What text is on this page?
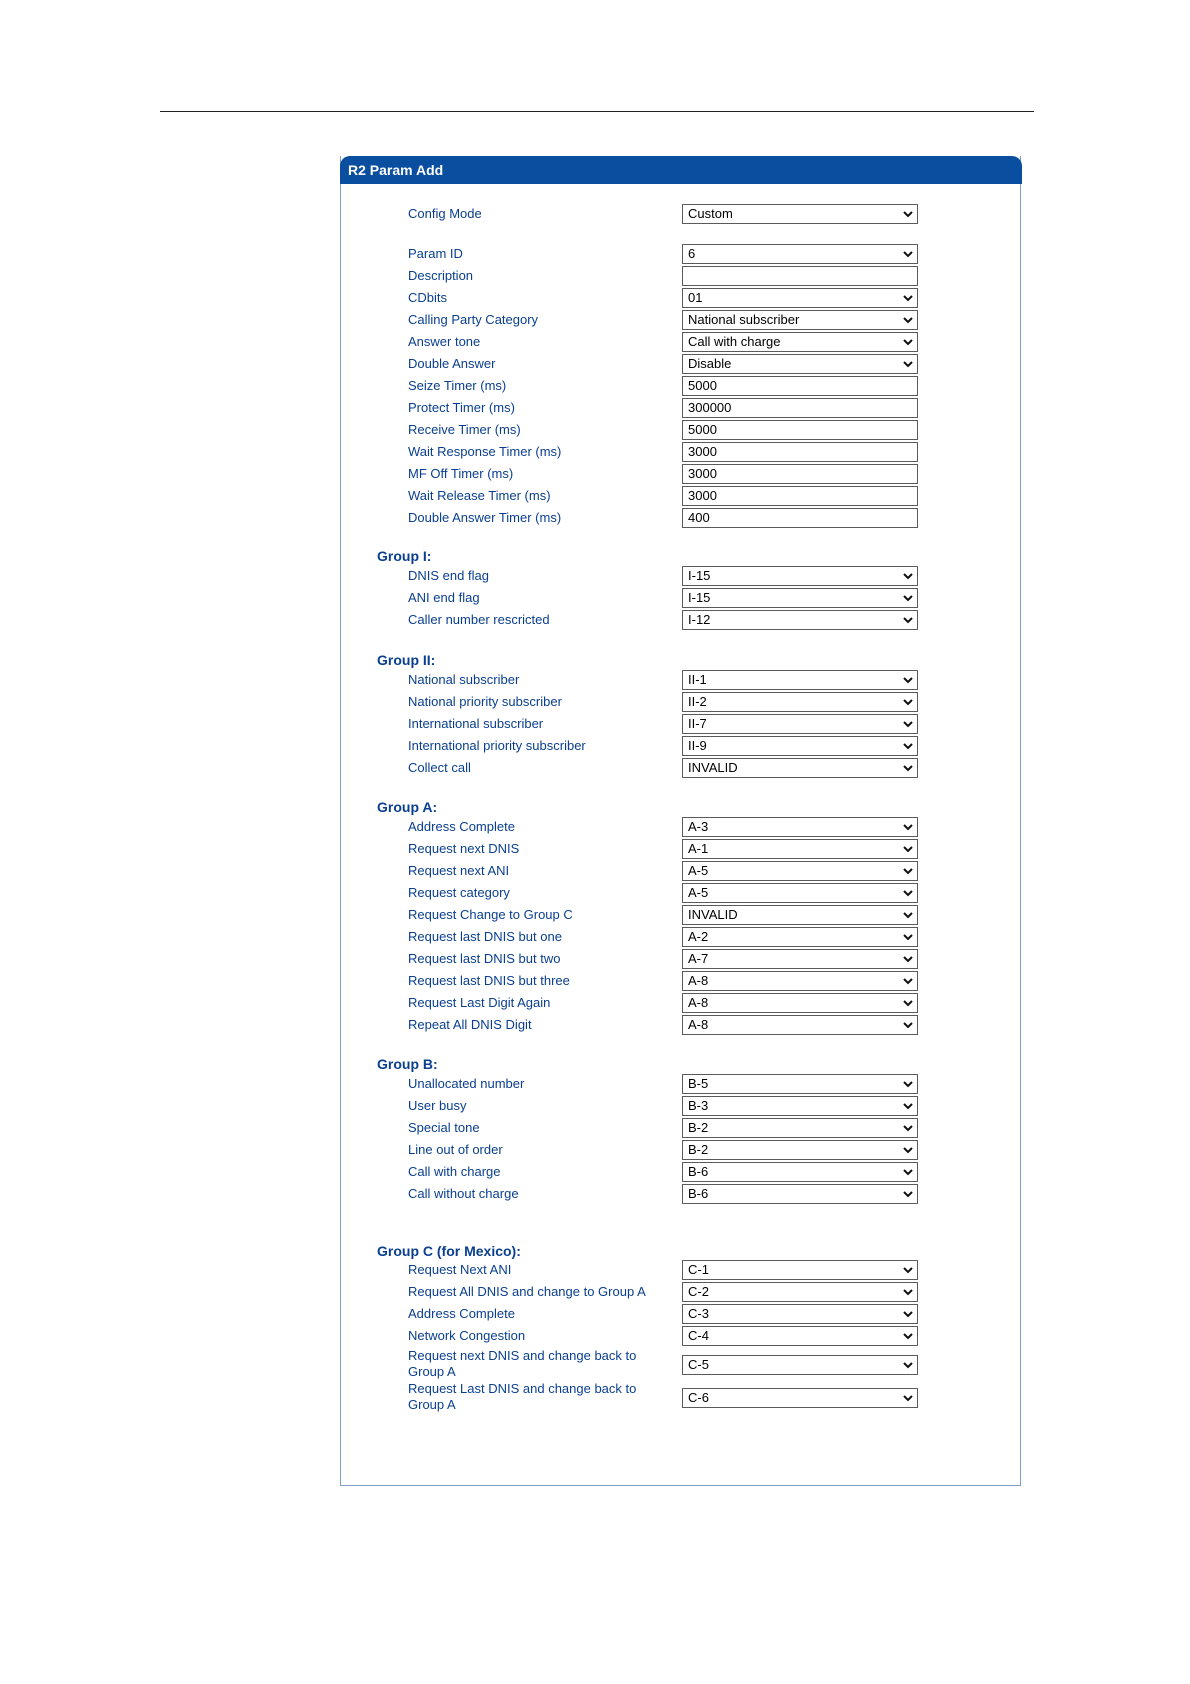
R2 Param Add
Config Mode	Custom
Param ID	6
Description
CDbits	01
Calling Party Category	National subscriber
Answer tone	Call with charge
Double Answer	Disable
Seize Timer (ms)	5000
Protect Timer (ms)	300000
Receive Timer (ms)	5000
Wait Response Timer (ms)	3000
MF Off Timer (ms)	3000
Wait Release Timer (ms)	3000
Double Answer Timer (ms)	400
Group I:
DNIS end flag	I-15
ANI end flag	I-15
Caller number rescricted	I-12
Group II:
National subscriber	II-1
National priority subscriber	II-2
International subscriber	II-7
International priority subscriber	II-9
Collect call	INVALID
Group A:
Address Complete	A-3
Request next DNIS	A-1
Request next ANI	A-5
Request category	A-5
Request Change to Group C	INVALID
Request last DNIS but one	A-2
Request last DNIS but two	A-7
Request last DNIS but three	A-8
Request Last Digit Again	A-8
Repeat All DNIS Digit	A-8
Group B:
Unallocated number	B-5
User busy	B-3
Special tone	B-2
Line out of order	B-2
Call with charge	B-6
Call without charge	B-6
Group C (for Mexico):
Request Next ANI	C-1
Request All DNIS and change to Group A	C-2
Address Complete	C-3
Network Congestion	C-4
Request next DNIS and change back to Group A	C-5
Request Last DNIS and change back to Group A	C-6
